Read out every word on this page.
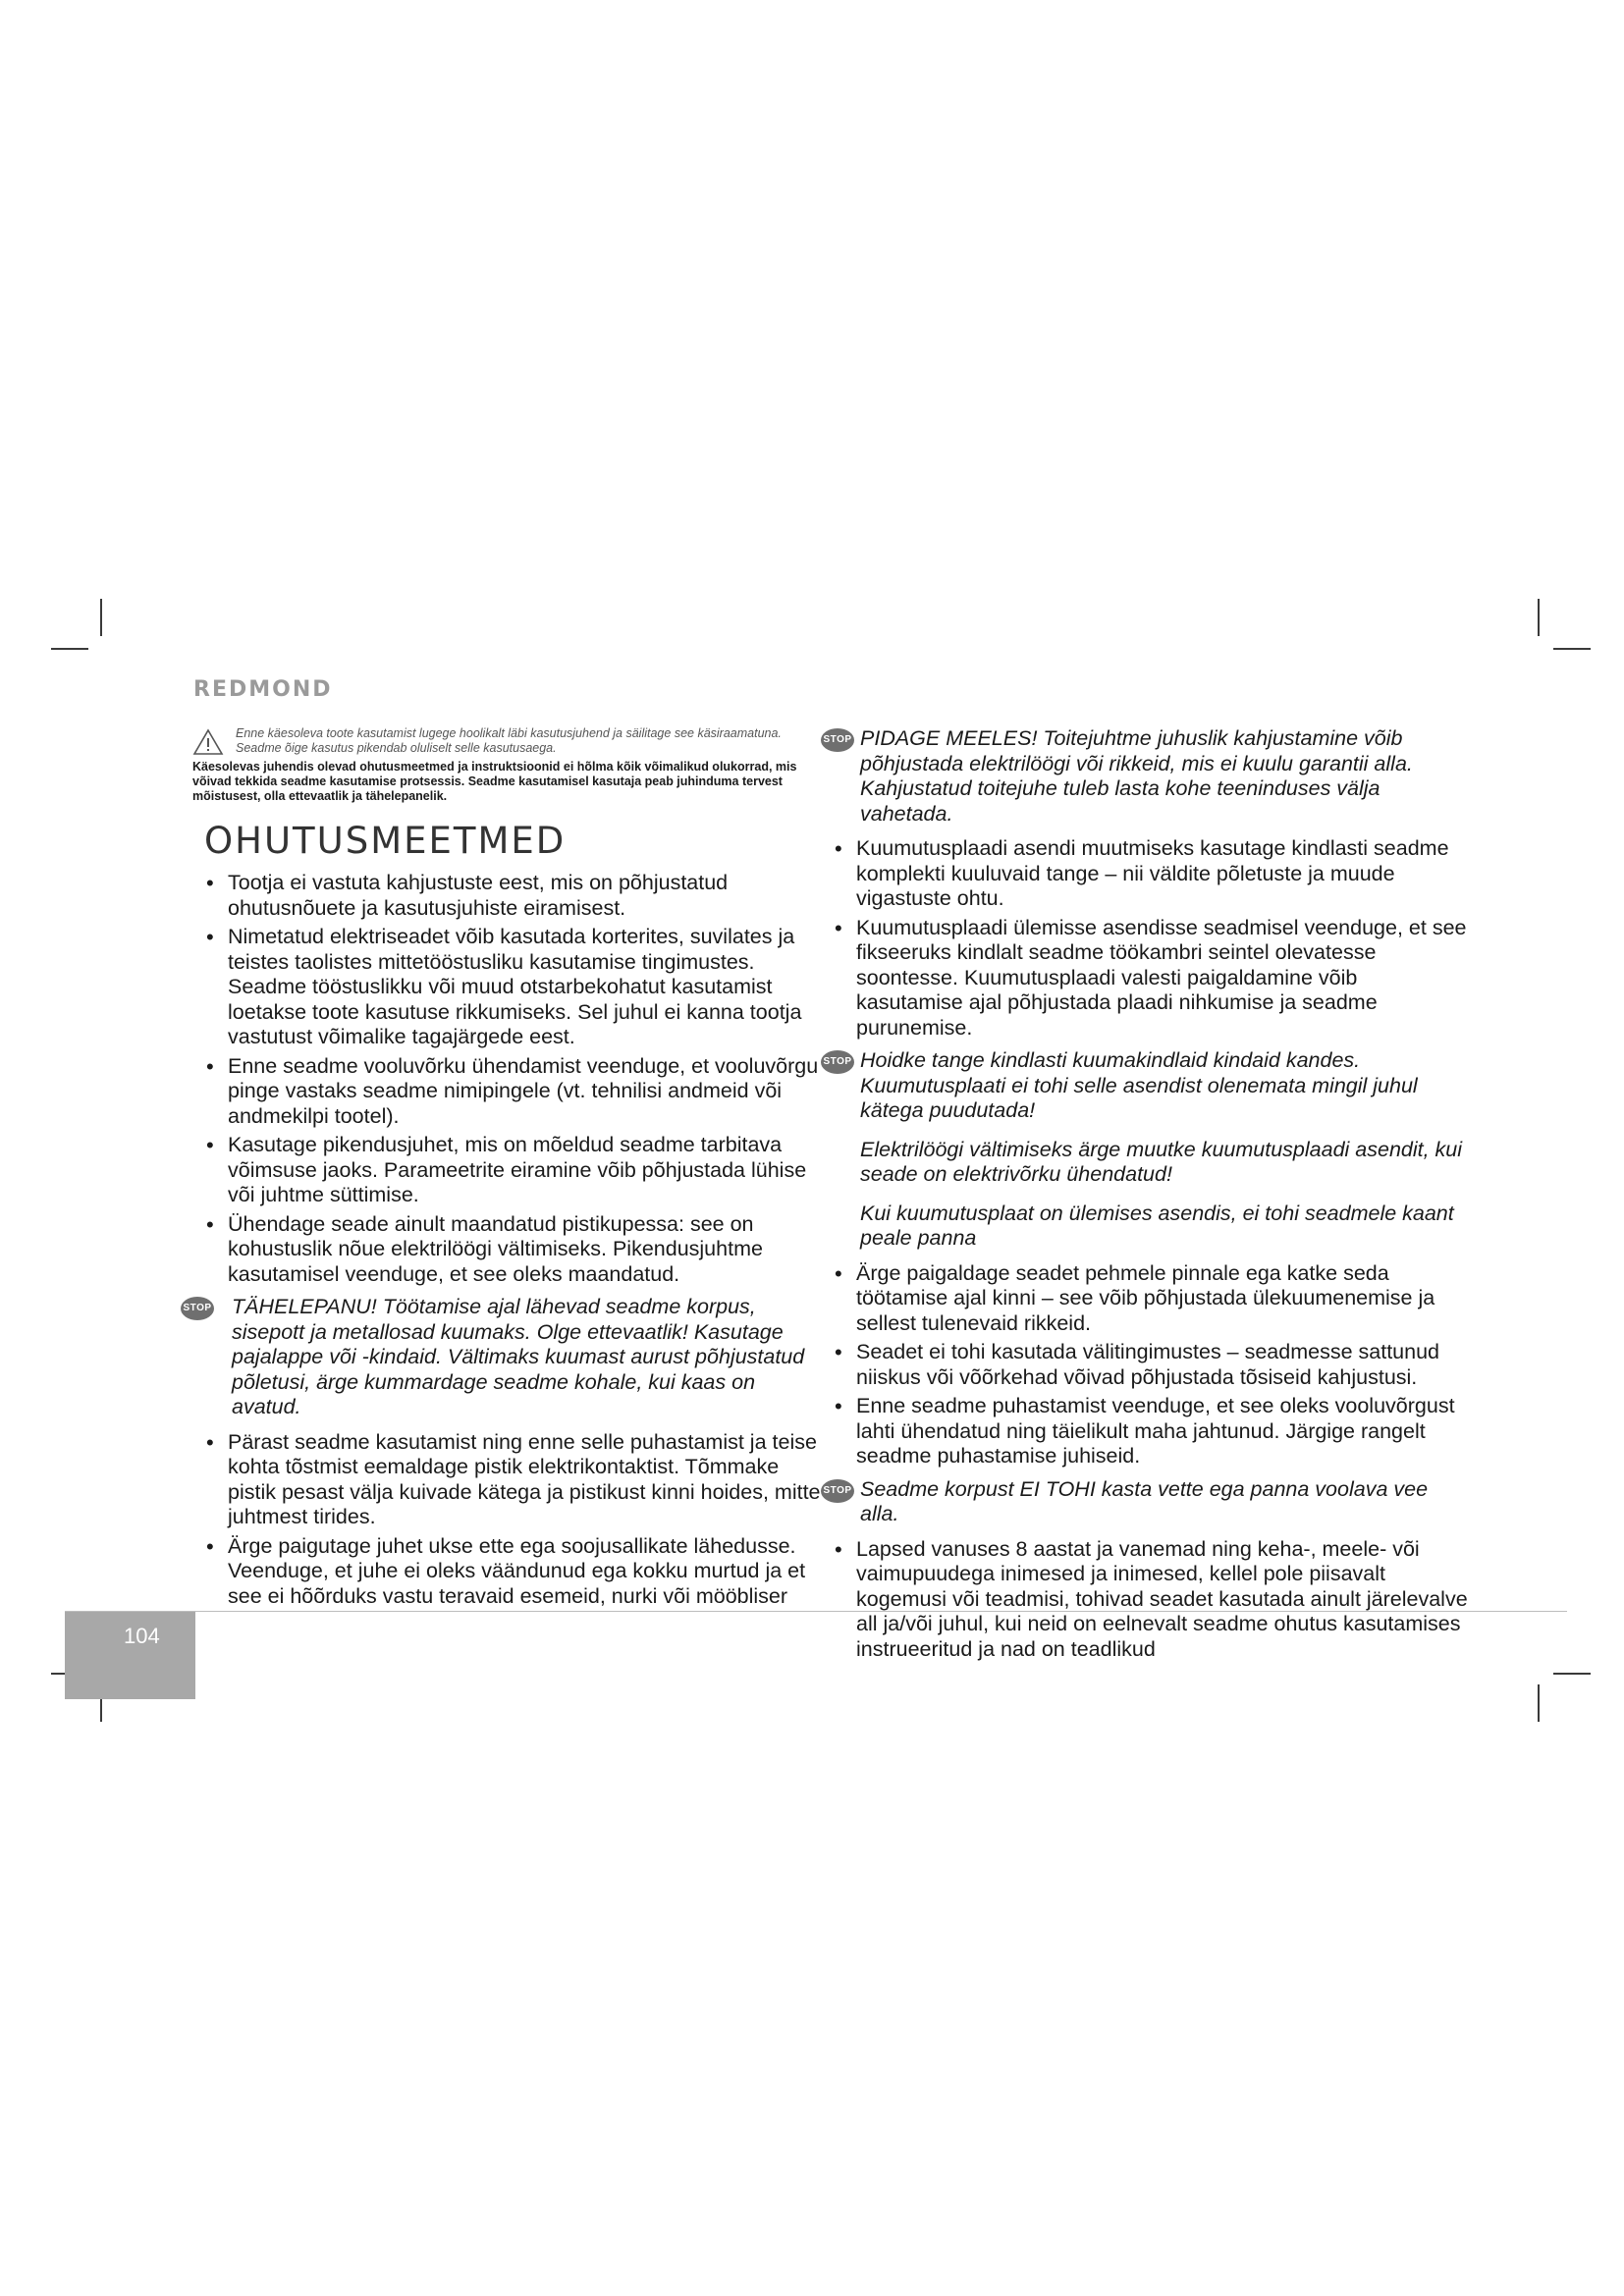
REDMOND
Enne käesoleva toote kasutamist lugege hoolikalt läbi kasutusjuhend ja säilitage see käsiraamatuna. Seadme õige kasutus pikendab oluliselt selle kasutusaega.
Käesolevas juhendis olevad ohutusmeetmed ja instruktsioonid ei hõlma kõik võimalikud olukorrad, mis võivad tekkida seadme kasutamise protsessis. Seadme kasutamisel kasutaja peab juhinduma tervest mõistusest, olla ettevaatlik ja tähelepanelik.
OHUTUSMEETMED
• Tootja ei vastuta kahjustuste eest, mis on põhjustatud ohutusnõuete ja kasutusjuhiste eiramisest.
• Nimetatud elektriseadet võib kasutada korterites, suvilates ja teistes taolistes mittetööstusliku kasutamise tingimustes. Seadme tööstuslikku või muud otstarbekohatut kasutamist loetakse toote kasutuse rikkumiseks. Sel juhul ei kanna tootja vastutust võimalike tagajärgede eest.
• Enne seadme vooluvõrku ühendamist veenduge, et vooluvõrgu pinge vastaks seadme nimipingele (vt. tehnilisi andmeid või andmekilpi tootel).
• Kasutage pikendusjuhet, mis on mõeldud seadme tarbitava võimsuse jaoks. Parameetrite eiramine võib põhjustada lühise või juhtme süttimise.
• Ühendage seade ainult maandatud pistikupessa: see on kohustuslik nõue elektrilöögi vältimiseks. Pikendusjuhtme kasutamisel veenduge, et see oleks maandatud.
STOP TÄHELEPANU! Töötamise ajal lähevad seadme korpus, sisepott ja metallosad kuumaks. Olge ettevaatlik! Kasutage pajalappe või -kindaid. Vältimaks kuumast aurust põhjustatud põletusi, ärge kummardage seadme kohale, kui kaas on avatud.

• Pärast seadme kasutamist ning enne selle puhastamist ja teise kohta tõstmist eemaldage pistik elektrikontaktist. Tõmmake pistik pesast välja kuivade kätega ja pistikust kinni hoides, mitte juhtmest tirides.
• Ärge paigutage juhet ukse ette ega soojusallikate lähedusse. Veenduge, et juhe ei oleks väändunud ega kokku murtud ja et see ei hõõrduks vastu teravaid esemeid, nurki või mööbliser
STOP PIDAGE MEELES! Toitejuhtme juhuslik kahjustamine võib põhjustada elektrilöögi või rikkeid, mis ei kuulu garantii alla. Kahjustatud toitejuhe tuleb lasta kohe teeninduses välja vahetada.

• Kuumutusplaadi asendi muutmiseks kasutage kindlasti seadme komplekti kuuluvaid tange – nii väldite põletuste ja muude vigastuste ohtu.
• Kuumutusplaadi ülemisse asendisse seadmisel veenduge, et see fikseeruks kindlalt seadme töökambri seintel olevatesse soontesse. Kuumutusplaadi valesti paigaldamine võib kasutamise ajal põhjustada plaadi nihkumise ja seadme purunemise.
STOP Hoidke tange kindlasti kuumakindlaid kindaid kandes. Kuumutusplaati ei tohi selle asendist olenemata mingil juhul kätega puudutada!

Elektrilöögi vältimiseks ärge muutke kuumutusplaadi asendit, kui seade on elektrivõrku ühendatud!

Kui kuumutusplaat on ülemises asendis, ei tohi seadmele kaant peale panna

• Ärge paigaldage seadet pehmele pinnale ega katke seda töötamise ajal kinni – see võib põhjustada ülekuumenemise ja sellest tulenevaid rikkeid.
• Seadet ei tohi kasutada välitingimustes – seadmesse sattunud niiskus või võõrkehad võivad põhjustada tõsiseid kahjustusi.
• Enne seadme puhastamist veenduge, et see oleks vooluvõrgust lahti ühendatud ning täielikult maha jahtunud. Järgige rangelt seadme puhastamise juhiseid.
STOP Seadme korpust EI TOHI kasta vette ega panna voolava vee alla.

• Lapsed vanuses 8 aastat ja vanemad ning keha-, meele- või vaimupuudega inimesed ja inimesed, kellel pole piisavalt kogemusi või teadmisi, tohivad seadet kasutada ainult järelevalve all ja/või juhul, kui neid on eelnevalt seadme ohutus kasutamises instrueeritud ja nad on teadlikud
104
